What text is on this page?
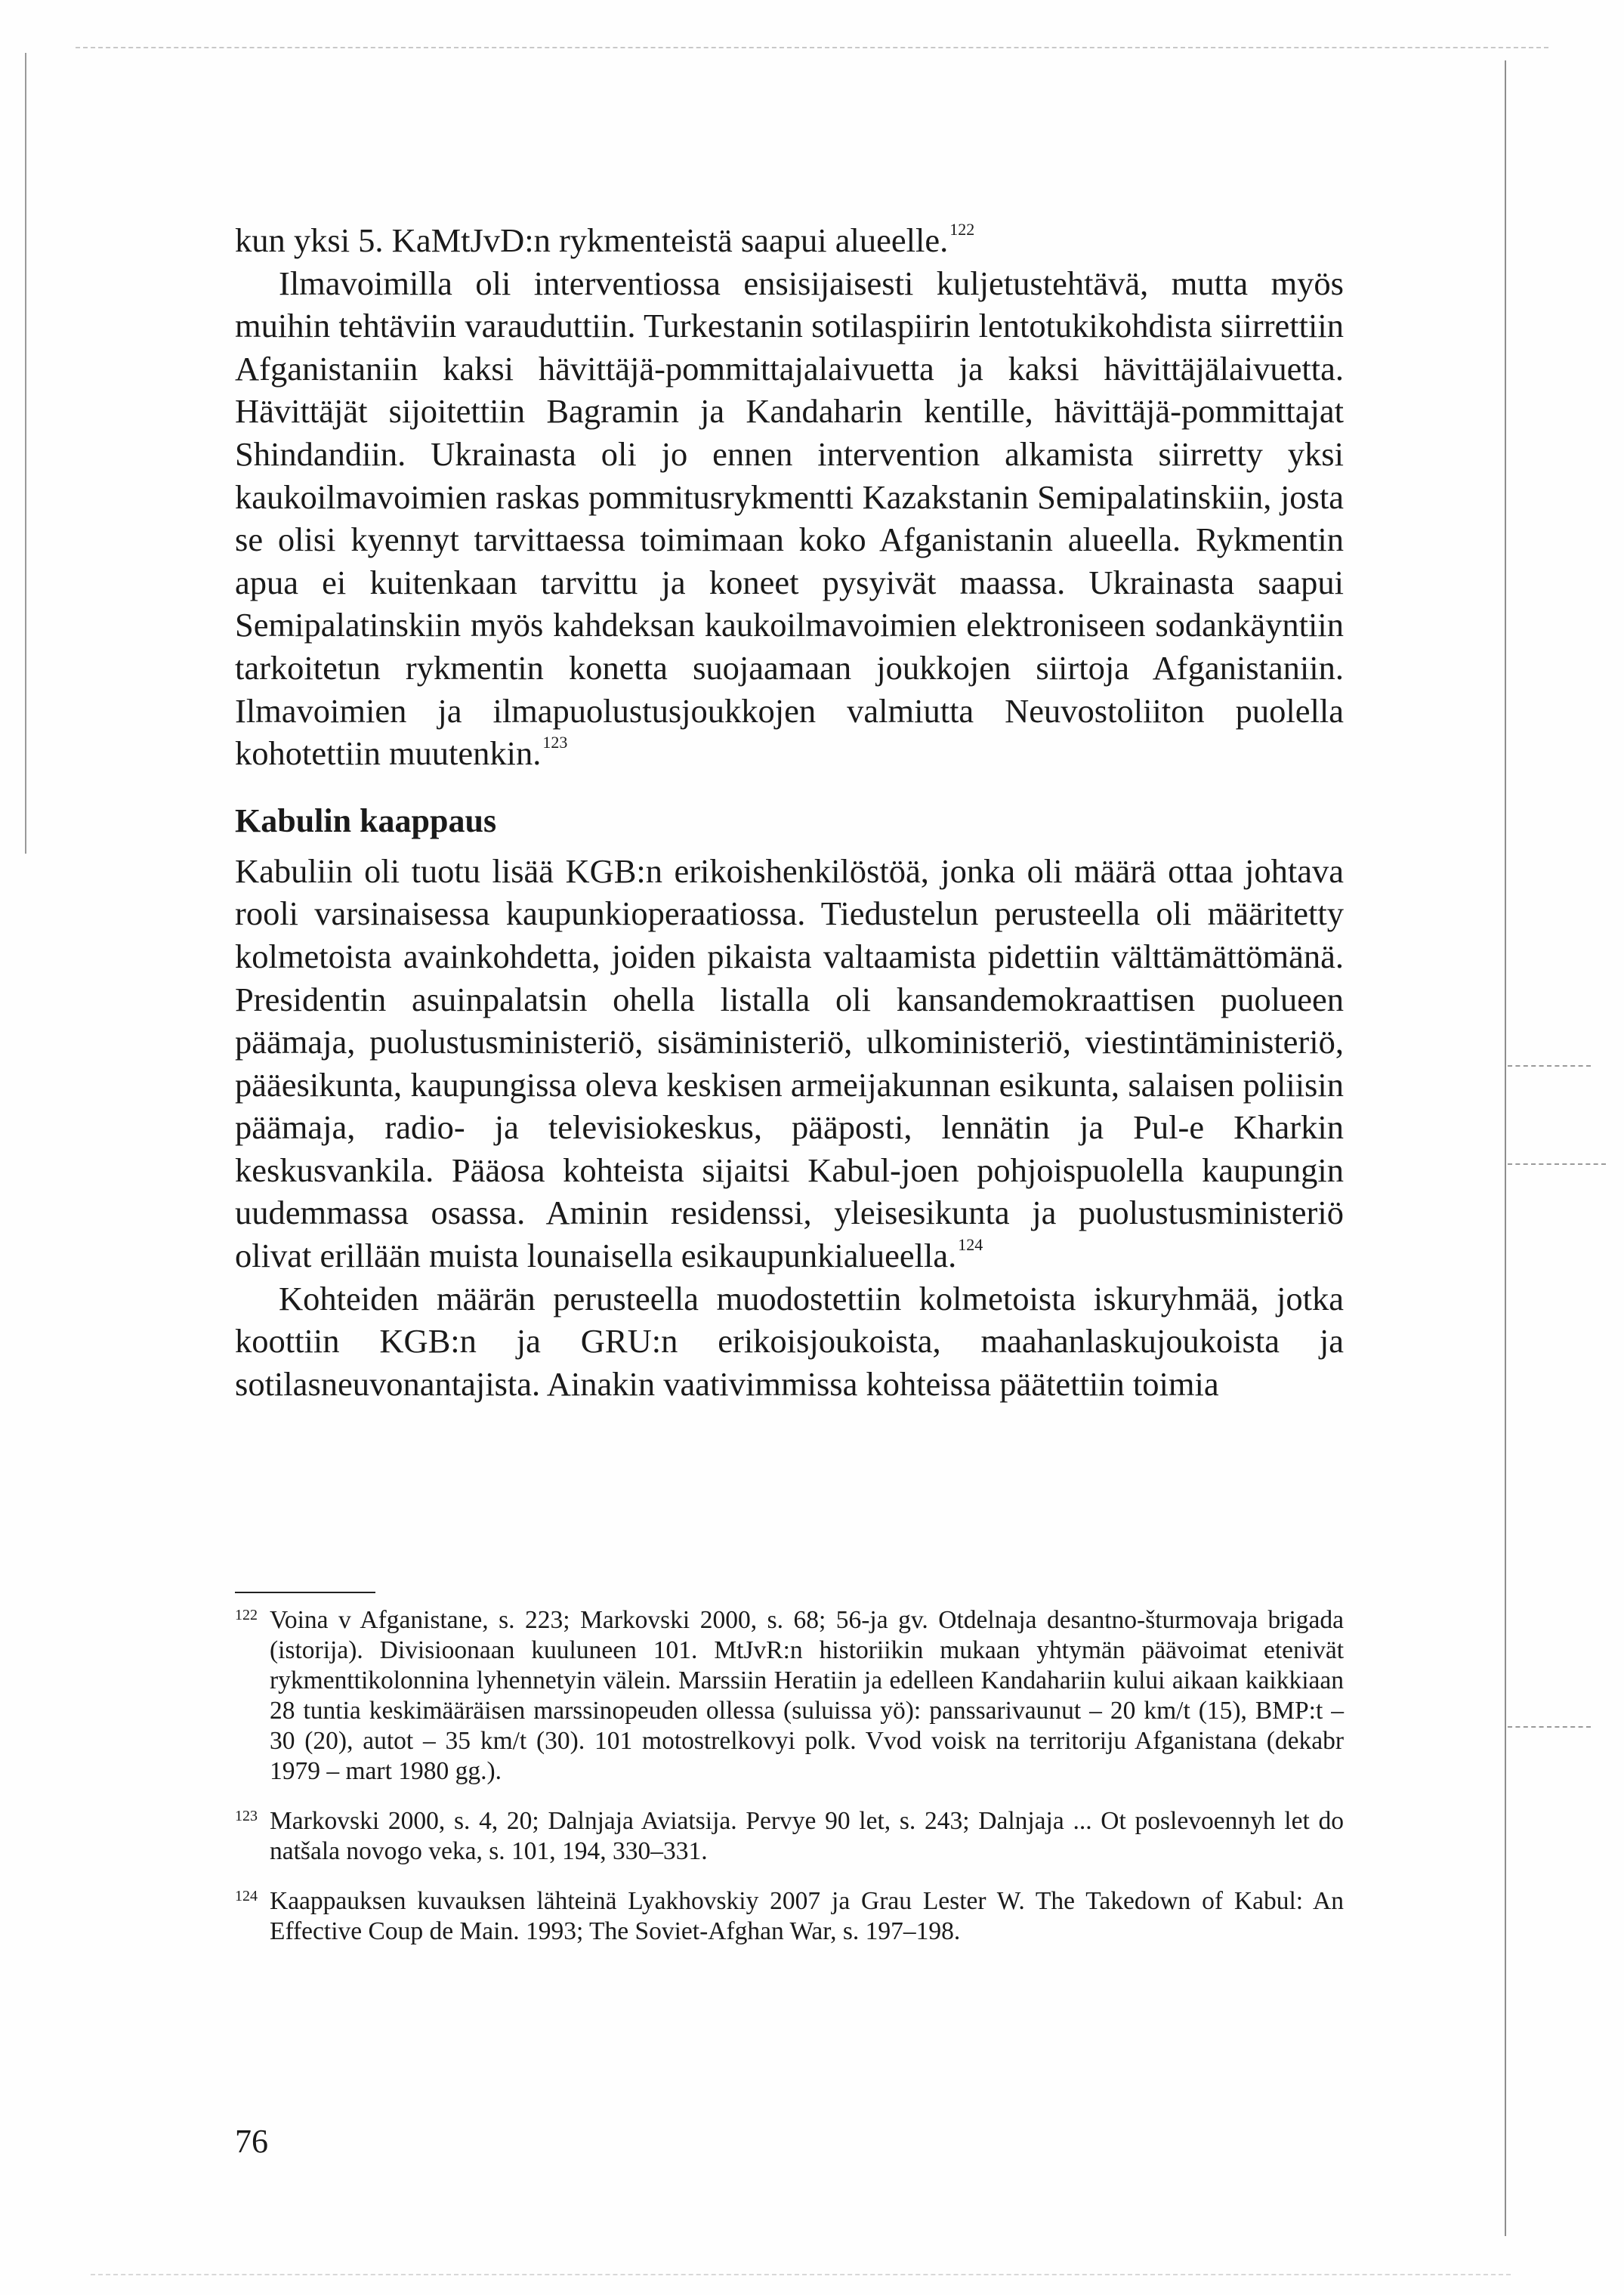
kun yksi 5. KaMtJvD:n rykmenteistä saapui alueelle.$^{122}$

Ilmavoimilla oli interventiossa ensisijaisesti kuljetustehtävä, mutta myös muihin tehtäviin varauduttiin. Turkestanin sotilaspiirin lentotukikohdista siirrettiin Afganistaniin kaksi hävittäjä-pommittajalaivuetta ja kaksi hävittäjälaivuetta. Hävittäjät sijoitettiin Bagramin ja Kandaharin kentille, hävittäjä-pommittajat Shindandiin. Ukrainasta oli jo ennen intervention alkamista siirretty yksi kaukoilmavoimien raskas pommitusrykmentti Kazakstanin Semipalatinskiin, josta se olisi kyennyt tarvittaessa toimimaan koko Afganistanin alueella. Rykmentin apua ei kuitenkaan tarvittu ja koneet pysyivät maassa. Ukrainasta saapui Semipalatinskiin myös kahdeksan kaukoilmavoimien elektroniseen sodankäyntiin tarkoitetun rykmentin konetta suojaamaan joukkojen siirtoja Afganistaniin. Ilmavoimien ja ilmapuolustusjoukkojen valmiutta Neuvostoliiton puolella kohotettiin muutenkin.$^{123}$

Kabulin kaappaus

Kabuliin oli tuotu lisää KGB:n erikoishenkilöstöä, jonka oli määrä ottaa johtava rooli varsinaisessa kaupunkioperaatiossa. Tiedustelun perusteella oli määritetty kolmetoista avainkohdetta, joiden pikaista valtaamista pidettiin välttämättömänä. Presidentin asuinpalatsin ohella listalla oli kansandemokraattisen puolueen päämaja, puolustusministeriö, sisäministeriö, ulkoministeriö, viestintäministeriö, pääesikunta, kaupungissa oleva keskisen armeijakunnan esikunta, salaisen poliisin päämaja, radio- ja televisiokeskus, pääposti, lennätin ja Pul-e Kharkin keskusvankila. Pääosa kohteista sijaitsi Kabul-joen pohjoispuolella kaupungin uudemmassa osassa. Aminin residenssi, yleisesikunta ja puolustusministeriö olivat erillään muista lounaisella esikaupunkialueella.$^{124}$

Kohteiden määrän perusteella muodostettiin kolmetoista iskuryhmää, jotka koottiin KGB:n ja GRU:n erikoisjoukoista, maahanlaskujoukoista ja sotilasneuvonantajista. Ainakin vaativimmissa kohteissa päätettiin toimia

122 Voina v Afganistane, s. 223; Markovski 2000, s. 68; 56-ja gv. Otdelnaja desantno-šturmovaja brigada (istorija). Divisioonaan kuuluneen 101. MtJvR:n historiikin mukaan yhtymän päävoimat etenivät rykmenttikolonnina lyhennetyin välein. Marssiin Heratiin ja edelleen Kandahariin kului aikaan kaikkiaan 28 tuntia keskimääräisen marssinopeuden ollessa (suluissa yö): panssarivaunut – 20 km/t (15), BMP:t – 30 (20), autot – 35 km/t (30). 101 motostrelkovyi polk. Vvod voisk na territoriju Afganistana (dekabr 1979 – mart 1980 gg.).
123 Markovski 2000, s. 4, 20; Dalnjaja Aviatsija. Pervye 90 let, s. 243; Dalnjaja ... Ot poslevoennyh let do natšala novogo veka, s. 101, 194, 330–331.
124 Kaappauksen kuvauksen lähteinä Lyakhovskiy 2007 ja Grau Lester W. The Takedown of Kabul: An Effective Coup de Main. 1993; The Soviet-Afghan War, s. 197–198.
76
